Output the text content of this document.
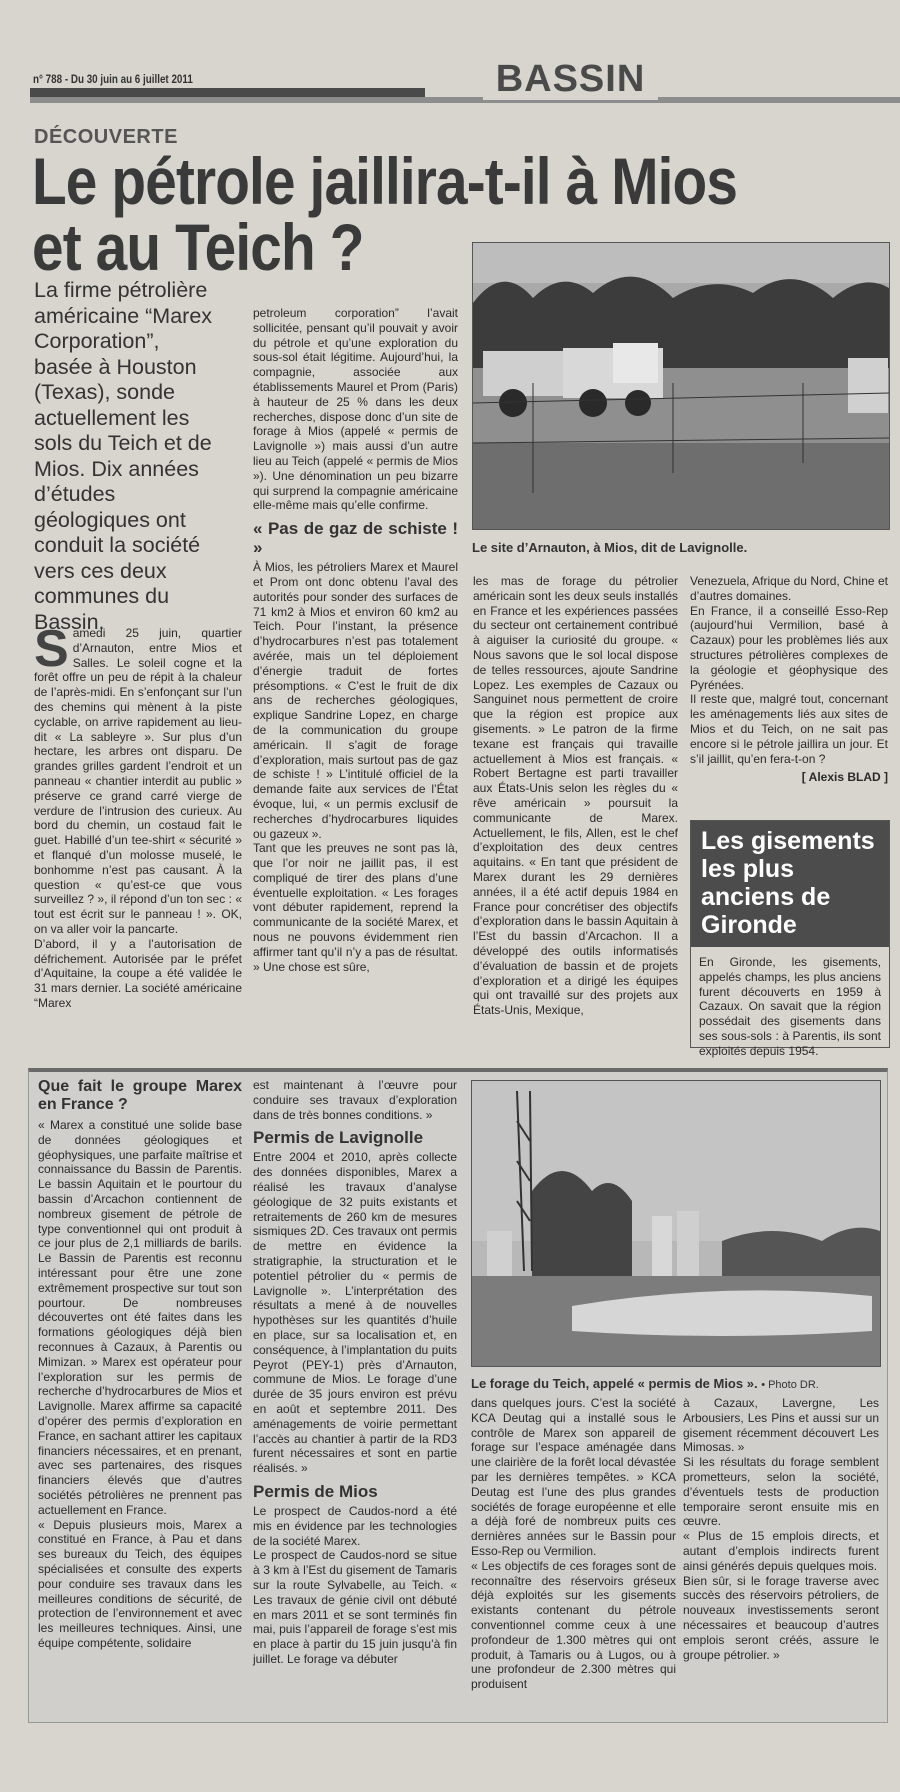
n° 788 - Du 30 juin au 6 juillet 2011	BASSIN
DÉCOUVERTE
Le pétrole jaillira-t-il à Mios
et au Teich ?
La firme pétrolière américaine “Marex Corporation”, basée à Houston (Texas), sonde actuellement les sols du Teich et de Mios. Dix années d’études géologiques ont conduit la société vers ces deux communes du Bassin.
Le site d’Arnauton, à Mios, dit de Lavignolle.
S amedi 25 juin, quartier d’Arnauton, entre Mios et Salles. Le soleil cogne et la forêt offre un peu de répit à la chaleur de l’après-midi. En s’enfonçant sur l’un des chemins qui mènent à la piste cyclable, on arrive rapidement au lieu-dit « La sableyre ». Sur plus d’un hectare, les arbres ont disparu. De grandes grilles gardent l’endroit et un panneau « chantier interdit au public » préserve ce grand carré vierge de verdure de l’intrusion des curieux. Au bord du chemin, un costaud fait le guet. Habillé d’un tee-shirt « sécurité » et flanqué d’un molosse muselé, le bonhomme n’est pas causant. À la question « qu’est-ce que vous surveillez ? », il répond d’un ton sec : « tout est écrit sur le panneau ! ». OK, on va aller voir la pancarte.

D’abord, il y a l’autorisation de défrichement. Autorisée par le préfet d’Aquitaine, la coupe a été validée le 31 mars dernier. La société américaine “Marex

petroleum corporation” l’avait sollicitée, pensant qu’il pouvait y avoir du pétrole et qu’une exploration du sous-sol était légitime. Aujourd’hui, la compagnie, associée aux établissements Maurel et Prom (Paris) à hauteur de 25 % dans les deux recherches, dispose donc d’un site de forage à Mios (appelé « permis de Lavignolle ») mais aussi d’un autre lieu au Teich (appelé « permis de Mios »). Une dénomination un peu bizarre qui surprend la compagnie américaine elle-même mais qu’elle confirme.

« Pas de gaz de schiste ! »

À Mios, les pétroliers Marex et Maurel et Prom ont donc obtenu l’aval des autorités pour sonder des surfaces de 71 km2 à Mios et environ 60 km2 au Teich. Pour l’instant, la présence d’hydrocarbures n’est pas totalement avérée, mais un tel déploiement d’énergie traduit de fortes présomptions. « C’est le fruit de dix ans de recherches géologiques, explique Sandrine Lopez, en charge de la communication du groupe américain. Il s’agit de forage d’exploration, mais surtout pas de gaz de schiste ! » L’intitulé officiel de la demande faite aux services de l’État évoque, lui, « un permis exclusif de recherches d’hydrocarbures liquides ou gazeux ».

Tant que les preuves ne sont pas là, que l’or noir ne jaillit pas, il est compliqué de tirer des plans d’une éventuelle exploitation. « Les forages vont débuter rapidement, reprend la communicante de la société Marex, et nous ne pouvons évidemment rien affirmer tant qu’il n’y a pas de résultat. » Une chose est sûre,

les mas de forage du pétrolier américain sont les deux seuls installés en France et les expériences passées du secteur ont certainement contribué à aiguiser la curiosité du groupe. « Nous savons que le sol local dispose de telles ressources, ajoute Sandrine Lopez. Les exemples de Cazaux ou Sanguinet nous permettent de croire que la région est propice aux gisements. » Le patron de la firme texane est français qui travaille actuellement à Mios est français. « Robert Bertagne est parti travailler aux États-Unis selon les règles du « rêve américain » poursuit la communicante de Marex. Actuellement, le fils, Allen, est le chef d’exploitation des deux centres aquitains. « En tant que président de Marex durant les 29 dernières années, il a été actif depuis 1984 en France pour concrétiser des objectifs d’exploration dans le bassin Aquitain à l’Est du bassin d’Arcachon. Il a développé des outils informatisés d’évaluation de bassin et de projets d’exploration et a dirigé les équipes qui ont travaillé sur des projets aux États-Unis, Mexique,

Venezuela, Afrique du Nord, Chine et d’autres domaines.

En France, il a conseillé Esso-Rep (aujourd’hui Vermilion, basé à Cazaux) pour les problèmes liés aux structures pétrolières complexes de la géologie et géophysique des Pyrénées.

Il reste que, malgré tout, concernant les aménagements liés aux sites de Mios et du Teich, on ne sait pas encore si le pétrole jaillira un jour. Et s’il jaillit, qu’en fera-t-on ?

[ Alexis BLAD ]

Les gisements les plus anciens de Gironde
En Gironde, les gisements, appelés champs, les plus anciens furent découverts en 1959 à Cazaux. On savait que la région possédait des gisements dans ses sous-sols : à Parentis, ils sont exploités depuis 1954.
Que fait le groupe Marex en France ?

« Marex a constitué une solide base de données géologiques et géophysiques, une parfaite maîtrise et connaissance du Bassin de Parentis. Le bassin Aquitain et le pourtour du bassin d’Arcachon contiennent de nombreux gisement de pétrole de type conventionnel qui ont produit à ce jour plus de 2,1 milliards de barils. Le Bassin de Parentis est reconnu intéressant pour être une zone extrêmement prospective sur tout son pourtour. De nombreuses découvertes ont été faites dans les formations géologiques déjà bien reconnues à Cazaux, à Parentis ou Mimizan. » Marex est opérateur pour l’exploration sur les permis de recherche d’hydrocarbures de Mios et Lavignolle. Marex affirme sa capacité d’opérer des permis d’exploration en France, en sachant attirer les capitaux financiers nécessaires, et en prenant, avec ses partenaires, des risques financiers élevés que d’autres sociétés pétrolières ne prennent pas actuellement en France.

« Depuis plusieurs mois, Marex a constitué en France, à Pau et dans ses bureaux du Teich, des équipes spécialisées et consulte des experts pour conduire ses travaux dans les meilleures conditions de sécurité, de protection de l’environnement et avec les meilleures techniques. Ainsi, une équipe compétente, solidaire

est maintenant à l’œuvre pour conduire ses travaux d’exploration dans de très bonnes conditions. »

Permis de Lavignolle

Entre 2004 et 2010, après collecte des données disponibles, Marex a réalisé les travaux d’analyse géologique de 32 puits existants et retraitements de 260 km de mesures sismiques 2D. Ces travaux ont permis de mettre en évidence la stratigraphie, la structuration et le potentiel pétrolier du « permis de Lavignolle ». L’interprétation des résultats a mené à de nouvelles hypothèses sur les quantités d’huile en place, sur sa localisation et, en conséquence, à l’implantation du puits Peyrot (PEY-1) près d’Arnauton, commune de Mios. Le forage d’une durée de 35 jours environ est prévu en août et septembre 2011. Des aménagements de voirie permettant l’accès au chantier à partir de la RD3 furent nécessaires et sont en partie réalisés. »

Permis de Mios

Le prospect de Caudos-nord a été mis en évidence par les technologies de la société Marex.

Le prospect de Caudos-nord se situe à 3 km à l’Est du gisement de Tamaris sur la route Sylvabelle, au Teich. « Les travaux de génie civil ont débuté en mars 2011 et se sont terminés fin mai, puis l’appareil de forage s’est mis en place à partir du 15 juin jusqu’à fin juillet. Le forage va débuter

Le forage du Teich, appelé « permis de Mios ». • Photo DR.

dans quelques jours. C’est la société KCA Deutag qui a installé sous le contrôle de Marex son appareil de forage sur l’espace aménagée dans une clairière de la forêt local dévastée par les dernières tempêtes. » KCA Deutag est l’une des plus grandes sociétés de forage européenne et elle a déjà foré de nombreux puits ces dernières années sur le Bassin pour Esso-Rep ou Vermilion.

« Les objectifs de ces forages sont de reconnaître des réservoirs gréseux déjà exploités sur les gisements existants contenant du pétrole conventionnel comme ceux à une profondeur de 1.300 mètres qui ont produit, à Tamaris ou à Lugos, ou à une profondeur de 2.300 mètres qui produisent

à Cazaux, Lavergne, Les Arbousiers, Les Pins et aussi sur un gisement récemment découvert Les Mimosas. »

Si les résultats du forage semblent prometteurs, selon la société, d’éventuels tests de production temporaire seront ensuite mis en œuvre.

« Plus de 15 emplois directs, et autant d’emplois indirects furent ainsi générés depuis quelques mois.

Bien sûr, si le forage traverse avec succès des réservoirs pétroliers, de nouveaux investissements seront nécessaires et beaucoup d’autres emplois seront créés, assure le groupe pétrolier. »
